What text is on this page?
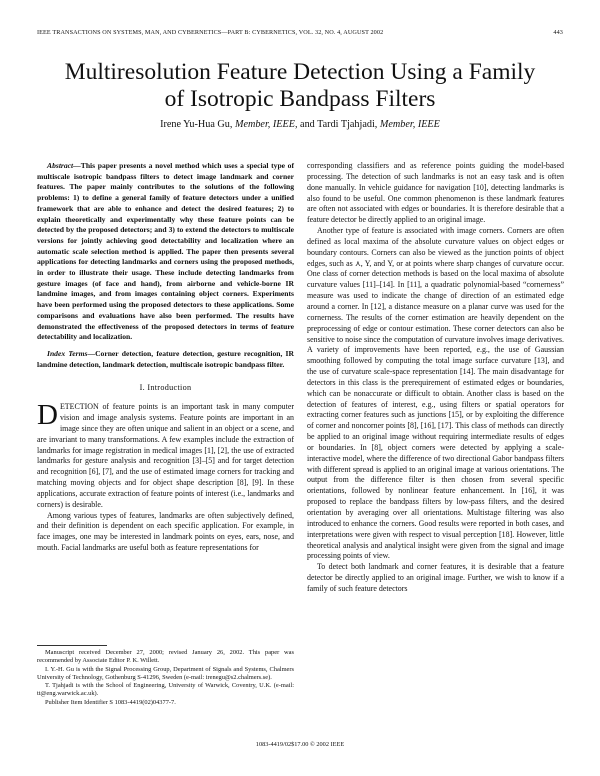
IEEE TRANSACTIONS ON SYSTEMS, MAN, AND CYBERNETICS—PART B: CYBERNETICS, VOL. 32, NO. 4, AUGUST 2002	443
Multiresolution Feature Detection Using a Family
of Isotropic Bandpass Filters
Irene Yu-Hua Gu, Member, IEEE, and Tardi Tjahjadi, Member, IEEE

Abstract—This paper presents a novel method which uses a special type of multiscale isotropic bandpass filters to detect image landmark and corner features. The paper mainly contributes to the solutions of the following problems: 1) to define a general family of feature detectors under a unified framework that are able to enhance and detect the desired features; 2) to explain theoretically and experimentally why these feature points can be detected by the proposed detectors; and 3) to extend the detectors to multiscale versions for jointly achieving good detectability and localization where an automatic scale selection method is applied. The paper then presents several applications for detecting landmarks and corners using the proposed methods, in order to illustrate their usage. These include detecting landmarks from gesture images (of face and hand), from airborne and vehicle-borne IR landmine images, and from images containing object corners. Experiments have been performed using the proposed detectors to these applications. Some comparisons and evaluations have also been performed. The results have demonstrated the effectiveness of the proposed detectors in terms of feature detectability and localization.

Index Terms—Corner detection, feature detection, gesture recognition, IR landmine detection, landmark detection, multiscale isotropic bandpass filter.

I. Introduction

DETECTION of feature points is an important task in many computer vision and image analysis systems. Feature points are important in an image since they are often unique and salient in an object or a scene, and are invariant to many transformations. A few examples include the extraction of landmarks for image registration in medical images [1], [2], the use of extracted landmarks for gesture analysis and recognition [3]–[5] and for target detection and recognition [6], [7], and the use of estimated image corners for tracking and matching moving objects and for object shape description [8], [9]. In these applications, accurate extraction of feature points of interest (i.e., landmarks and corners) is desirable.

Among various types of features, landmarks are often subjectively defined, and their definition is dependent on each specific application. For example, in face images, one may be interested in landmark points on eyes, ears, nose, and mouth. Facial landmarks are useful both as feature representations for

Manuscript received December 27, 2000; revised January 26, 2002. This paper was recommended by Associate Editor P. K. Willett.

I. Y.-H. Gu is with the Signal Processing Group, Department of Signals and Systems, Chalmers University of Technology, Gothenburg S-41296, Sweden (e-mail: irenegu@s2.chalmers.se).

T. Tjahjadi is with the School of Engineering, University of Warwick, Coventry, U.K. (e-mail: tt@eng.warwick.ac.uk).

Publisher Item Identifier S 1083-4419(02)04377-7.

corresponding classifiers and as reference points guiding the model-based processing. The detection of such landmarks is not an easy task and is often done manually. In vehicle guidance for navigation [10], detecting landmarks is also found to be useful. One common phenomenon is these landmark features are often not associated with edges or boundaries. It is therefore desirable that a feature detector be directly applied to an original image.

Another type of feature is associated with image corners. Corners are often defined as local maxima of the absolute curvature values on object edges or boundary contours. Corners can also be viewed as the junction points of object edges, such as ⋏, Y, and Υ, or at points where sharp changes of curvature occur. One class of corner detection methods is based on the local maxima of absolute curvature values [11]–[14]. In [11], a quadratic polynomial-based “cornerness” measure was used to indicate the change of direction of an estimated edge around a corner. In [12], a distance measure on a planar curve was used for the cornerness. The results of the corner estimation are heavily dependent on the preprocessing of edge or contour estimation. These corner detectors can also be sensitive to noise since the computation of curvature involves image derivatives. A variety of improvements have been reported, e.g., the use of Gaussian smoothing followed by computing the total image surface curvature [13], and the use of curvature scale-space representation [14]. The main disadvantage for detectors in this class is the prerequirement of estimated edges or boundaries, which can be nonaccurate or difficult to obtain. Another class is based on the detection of features of interest, e.g., using filters or spatial operators for extracting corner features such as junctions [15], or by exploiting the difference of corner and noncorner points [8], [16], [17]. This class of methods can directly be applied to an original image without requiring intermediate results of edges or boundaries. In [8], object corners were detected by applying a scale-interactive model, where the difference of two directional Gabor bandpass filters with different spread is applied to an original image at various orientations. The output from the difference filter is then chosen from several specific orientations, followed by nonlinear feature enhancement. In [16], it was proposed to replace the bandpass filters by low-pass filters, and the desired orientation by averaging over all orientations. Multistage filtering was also introduced to enhance the corners. Good results were reported in both cases, and interpretations were given with respect to visual perception [18]. However, little theoretical analysis and analytical insight were given from the signal and image processing points of view.

To detect both landmark and corner features, it is desirable that a feature detector be directly applied to an original image. Further, we wish to know if a family of such feature detectors

1083-4419/02$17.00 © 2002 IEEE
